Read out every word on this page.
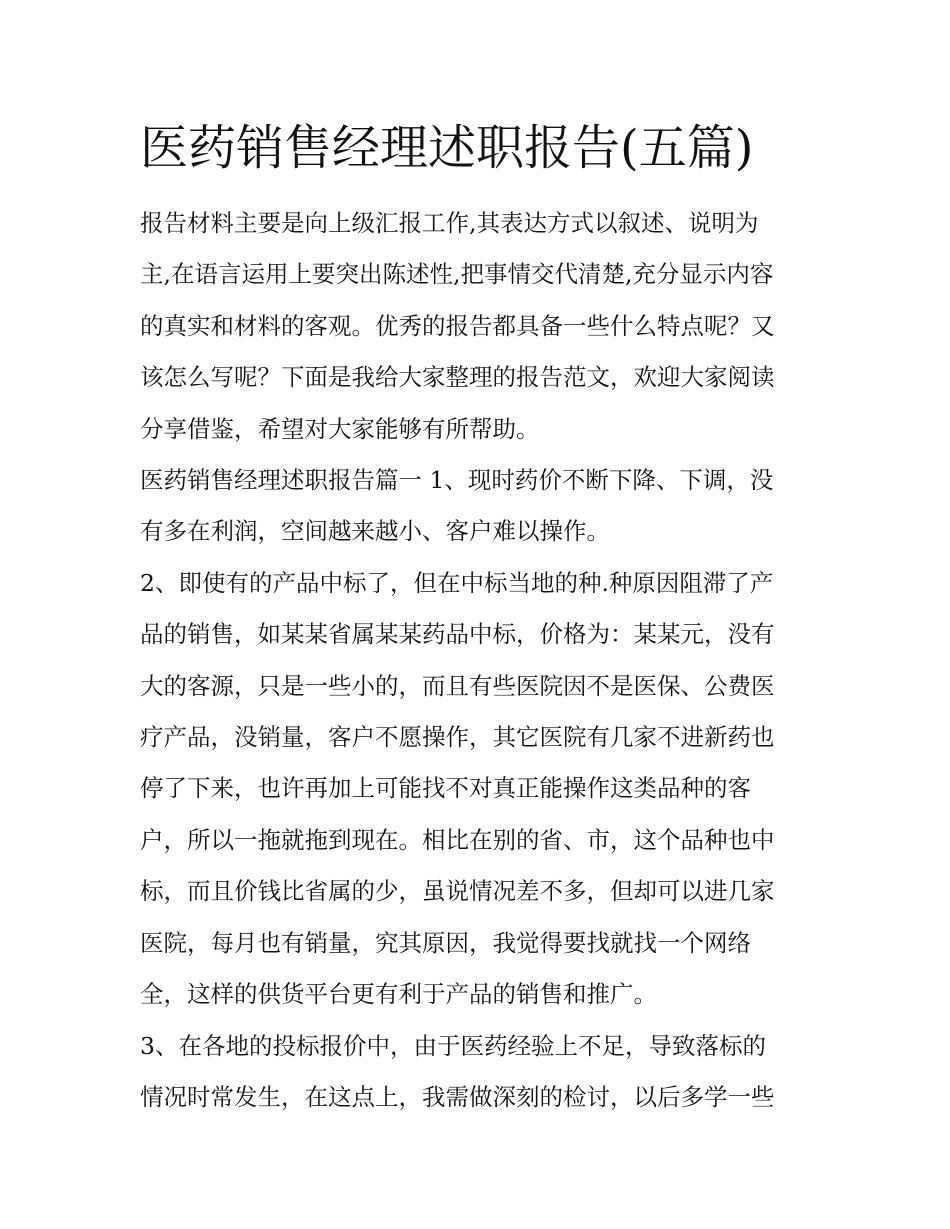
医药销售经理述职报告(五篇)

报告材料主要是向上级汇报工作,其表达方式以叙述、说明为

主,在语言运用上要突出陈述性,把事情交代清楚,充分显示内容

的真实和材料的客观。优秀的报告都具备一些什么特点呢？又

该怎么写呢？下面是我给大家整理的报告范文，欢迎大家阅读

分享借鉴，希望对大家能够有所帮助。

医药销售经理述职报告篇一 1、现时药价不断下降、下调，没

有多在利润，空间越来越小、客户难以操作。

2、即使有的产品中标了，但在中标当地的种.种原因阻滞了产

品的销售，如某某省属某某药品中标，价格为：某某元，没有

大的客源，只是一些小的，而且有些医院因不是医保、公费医

疗产品，没销量，客户不愿操作，其它医院有几家不进新药也

停了下来，也许再加上可能找不对真正能操作这类品种的客

户，所以一拖就拖到现在。相比在别的省、市，这个品种也中

标，而且价钱比省属的少，虽说情况差不多，但却可以进几家

医院，每月也有销量，究其原因，我觉得要找就找一个网络

全，这样的供货平台更有利于产品的销售和推广。

3、在各地的投标报价中，由于医药经验上不足，导致落标的

情况时常发生，在这点上，我需做深刻的检讨，以后多学一些
